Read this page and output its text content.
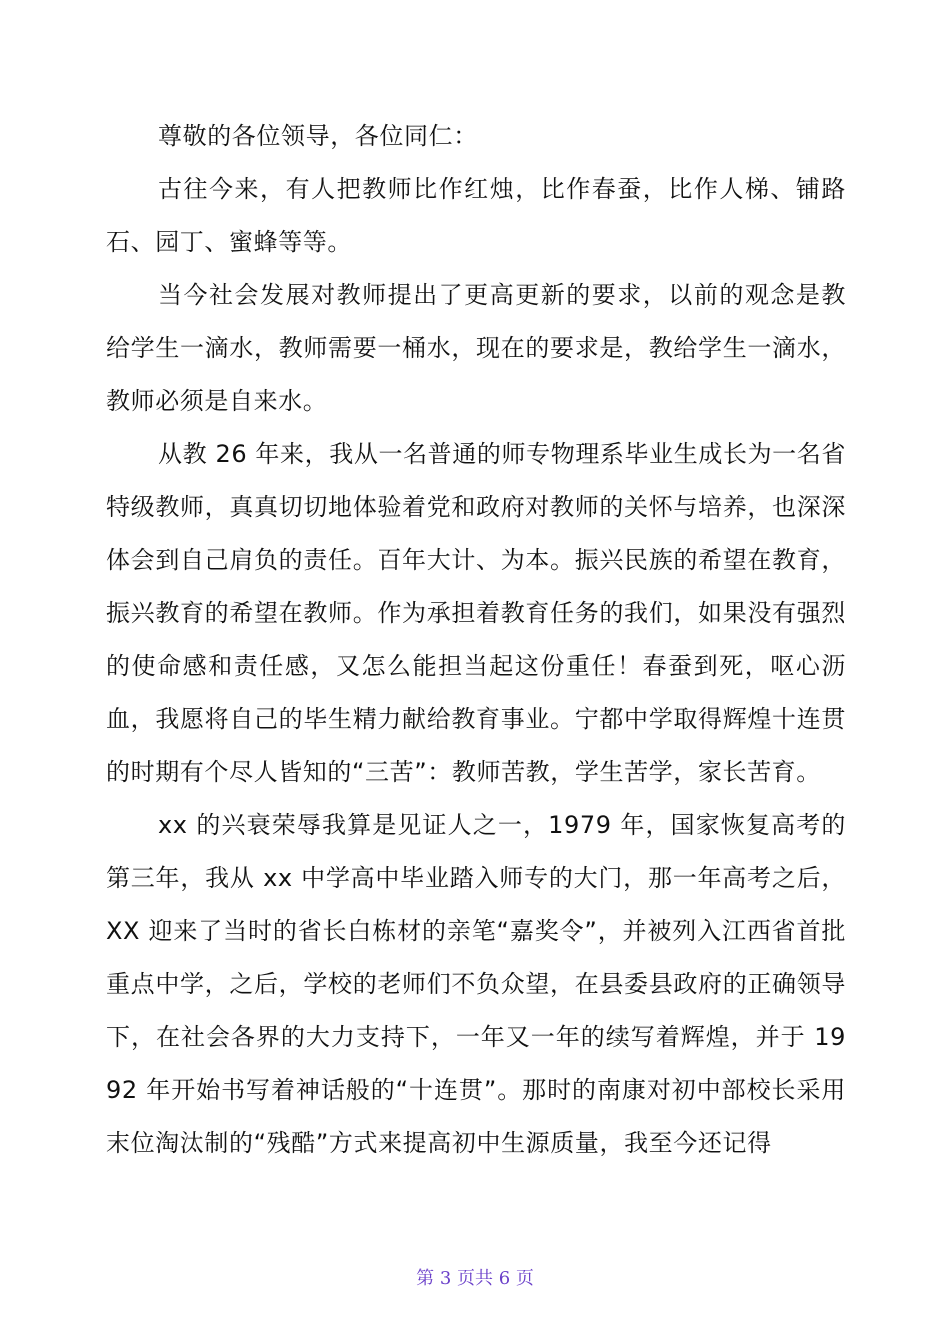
尊敬的各位领导，各位同仁：

古往今来，有人把教师比作红烛，比作春蚕，比作人梯、铺路石、园丁、蜜蜂等等。

当今社会发展对教师提出了更高更新的要求，以前的观念是教给学生一滴水，教师需要一桶水，现在的要求是，教给学生一滴水，教师必须是自来水。

从教 26 年来，我从一名普通的师专物理系毕业生成长为一名省特级教师，真真切切地体验着党和政府对教师的关怀与培养，也深深体会到自己肩负的责任。百年大计、为本。振兴民族的希望在教育，振兴教育的希望在教师。作为承担着教育任务的我们，如果没有强烈的使命感和责任感，又怎么能担当起这份重任！春蚕到死，呕心沥血，我愿将自己的毕生精力献给教育事业。宁都中学取得辉煌十连贯的时期有个尽人皆知的“三苦”：教师苦教，学生苦学，家长苦育。

xx 的兴衰荣辱我算是见证人之一，1979 年，国家恢复高考的第三年，我从 xx 中学高中毕业踏入师专的大门，那一年高考之后，XX 迎来了当时的省长白栋材的亲笔“嘉奖令”，并被列入江西省首批重点中学，之后，学校的老师们不负众望，在县委县政府的正确领导下，在社会各界的大力支持下，一年又一年的续写着辉煌，并于 1992 年开始书写着神话般的“十连贯”。那时的南康对初中部校长采用末位淘汰制的“残酷”方式来提高初中生源质量，我至今还记得

第 3 页共 6 页
